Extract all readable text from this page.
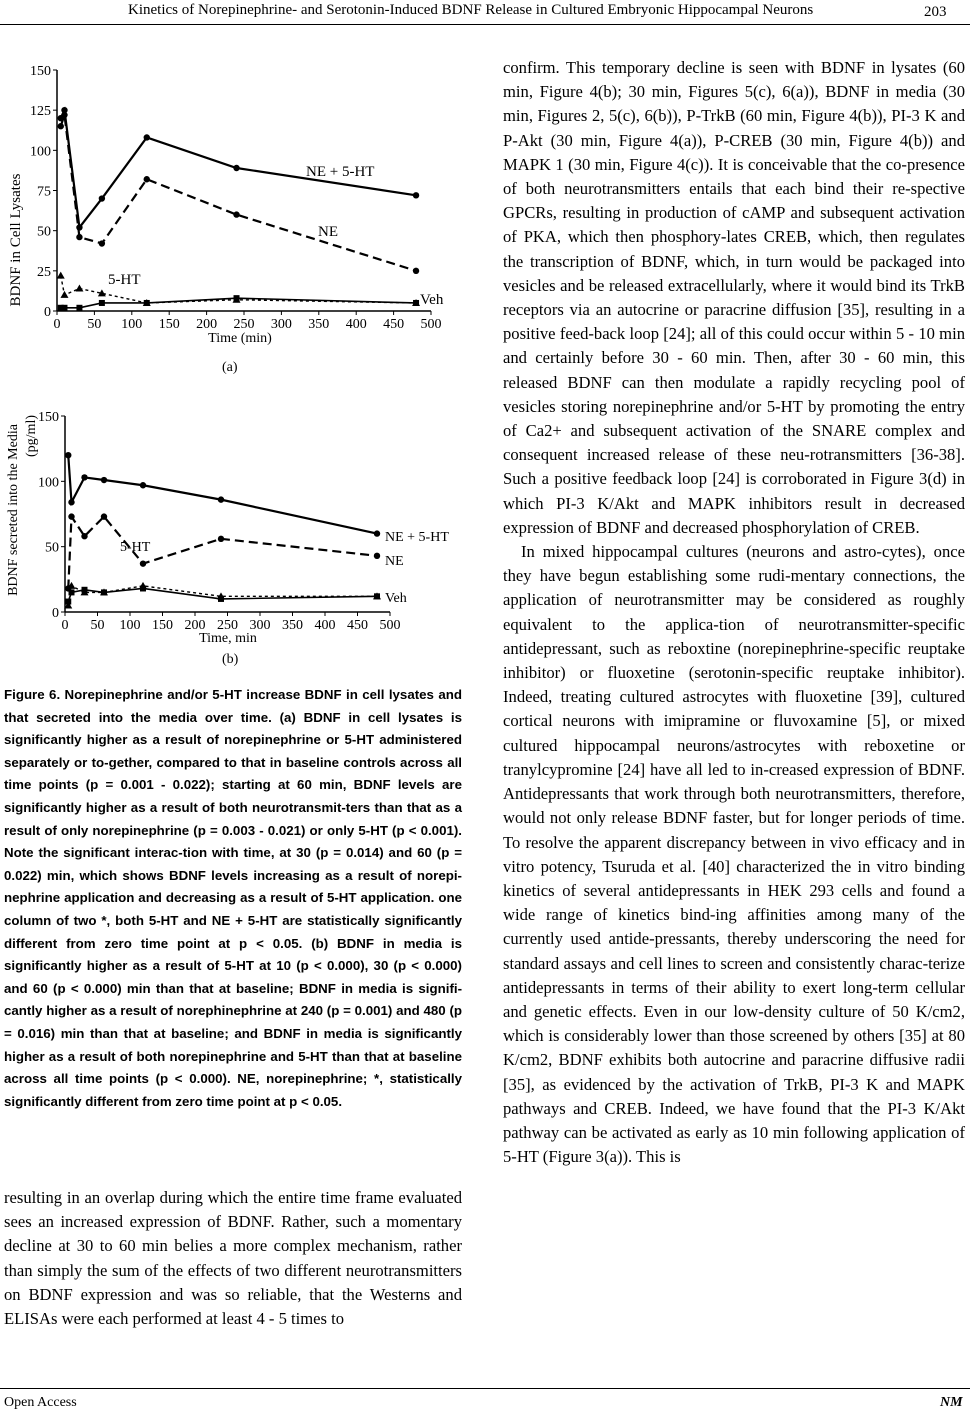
Kinetics of Norepinephrine- and Serotonin-Induced BDNF Release in Cultured Embryonic Hippocampal Neurons	203
0 50 100 150 200 250 300 350 400 450 500
0
25
50
75
100
125
150
Time (min)
BDNF in Cell Lysates
NE + 5-HT
NE
5-HT
Veh
(a)
0 50 100 150 200 250 300 350 400 450 500
0
50
100
150
Time, min
BDNF secreted into the Media (pg/ml)
NE + 5-HT
NE
5-HT
Veh
(b)
Figure 6. Norepinephrine and/or 5-HT increase BDNF in cell lysates and that secreted into the media over time. (a) BDNF in cell lysates is significantly higher as a result of norepinephrine or 5-HT administered separately or to-gether, compared to that in baseline controls across all time points (p = 0.001 - 0.022); starting at 60 min, BDNF levels are significantly higher as a result of both neurotransmit-ters than that as a result of only norepinephrine (p = 0.003 - 0.021) or only 5-HT (p < 0.001). Note the significant interac-tion with time, at 30 (p = 0.014) and 60 (p = 0.022) min, which shows BDNF levels increasing as a result of norepi-nephrine application and decreasing as a result of 5-HT application. one column of two *, both 5-HT and NE + 5-HT are statistically significantly different from zero time point at p < 0.05. (b) BDNF in media is significantly higher as a result of 5-HT at 10 (p < 0.000), 30 (p < 0.000) and 60 (p < 0.000) min than that at baseline; BDNF in media is signifi-cantly higher as a result of norephinephrine at 240 (p = 0.001) and 480 (p = 0.016) min than that at baseline; and BDNF in media is significantly higher as a result of both norepinephrine and 5-HT than that at baseline across all time points (p < 0.000). NE, norepinephrine; *, statistically significantly different from zero time point at p < 0.05.

resulting in an overlap during which the entire time frame evaluated sees an increased expression of BDNF. Rather, such a momentary decline at 30 to 60 min belies a more complex mechanism, rather than simply the sum of the effects of two different neurotransmitters on BDNF expression and was so reliable, that the Westerns and ELISAs were each performed at least 4 - 5 times to

confirm. This temporary decline is seen with BDNF in lysates (60 min, Figure 4(b); 30 min, Figures 5(c), 6(a)), BDNF in media (30 min, Figures 2, 5(c), 6(b)), P-TrkB (60 min, Figure 4(b)), PI-3 K and P-Akt (30 min, Figure 4(a)), P-CREB (30 min, Figure 4(b)) and MAPK 1 (30 min, Figure 4(c)). It is conceivable that the co-presence of both neurotransmitters entails that each bind their re-spective GPCRs, resulting in production of cAMP and subsequent activation of PKA, which then phosphory-lates CREB, which, then regulates the transcription of BDNF, which, in turn would be packaged into vesicles and be released extracellularly, where it would bind its TrkB receptors via an autocrine or paracrine diffusion [35], resulting in a positive feed-back loop [24]; all of this could occur within 5 - 10 min and certainly before 30 - 60 min. Then, after 30 - 60 min, this released BDNF can then modulate a rapidly recycling pool of vesicles storing norepinephrine and/or 5-HT by promoting the entry of Ca2+ and subsequent activation of the SNARE complex and consequent increased release of these neu-rotransmitters [36-38]. Such a positive feedback loop [24] is corroborated in Figure 3(d) in which PI-3 K/Akt and MAPK inhibitors result in decreased expression of BDNF and decreased phosphorylation of CREB.

In mixed hippocampal cultures (neurons and astro-cytes), once they have begun establishing some rudi-mentary connections, the application of neurotransmitter may be considered as roughly equivalent to the applica-tion of neurotransmitter-specific antidepressant, such as reboxtine (norepinephrine-specific reuptake inhibitor) or fluoxetine (serotonin-specific reuptake inhibitor). Indeed, treating cultured astrocytes with fluoxetine [39], cultured cortical neurons with imipramine or fluvoxamine [5], or mixed cultured hippocampal neurons/astrocytes with reboxetine or tranylcypromine [24] have all led to in-creased expression of BDNF. Antidepressants that work through both neurotransmitters, therefore, would not only release BDNF faster, but for longer periods of time. To resolve the apparent discrepancy between in vivo efficacy and in vitro potency, Tsuruda et al. [40] characterized the in vitro binding kinetics of several antidepressants in HEK 293 cells and found a wide range of kinetics bind-ing affinities among many of the currently used antide-pressants, thereby underscoring the need for standard assays and cell lines to screen and consistently charac-terize antidepressants in terms of their ability to exert long-term cellular and genetic effects. Even in our low-density culture of 50 K/cm2, which is considerably lower than those screened by others [35] at 80 K/cm2, BDNF exhibits both autocrine and paracrine diffusive radii [35], as evidenced by the activation of TrkB, PI-3 K and MAPK pathways and CREB. Indeed, we have found that the PI-3 K/Akt pathway can be activated as early as 10 min following application of 5-HT (Figure 3(a)). This is

Open Access	NM
